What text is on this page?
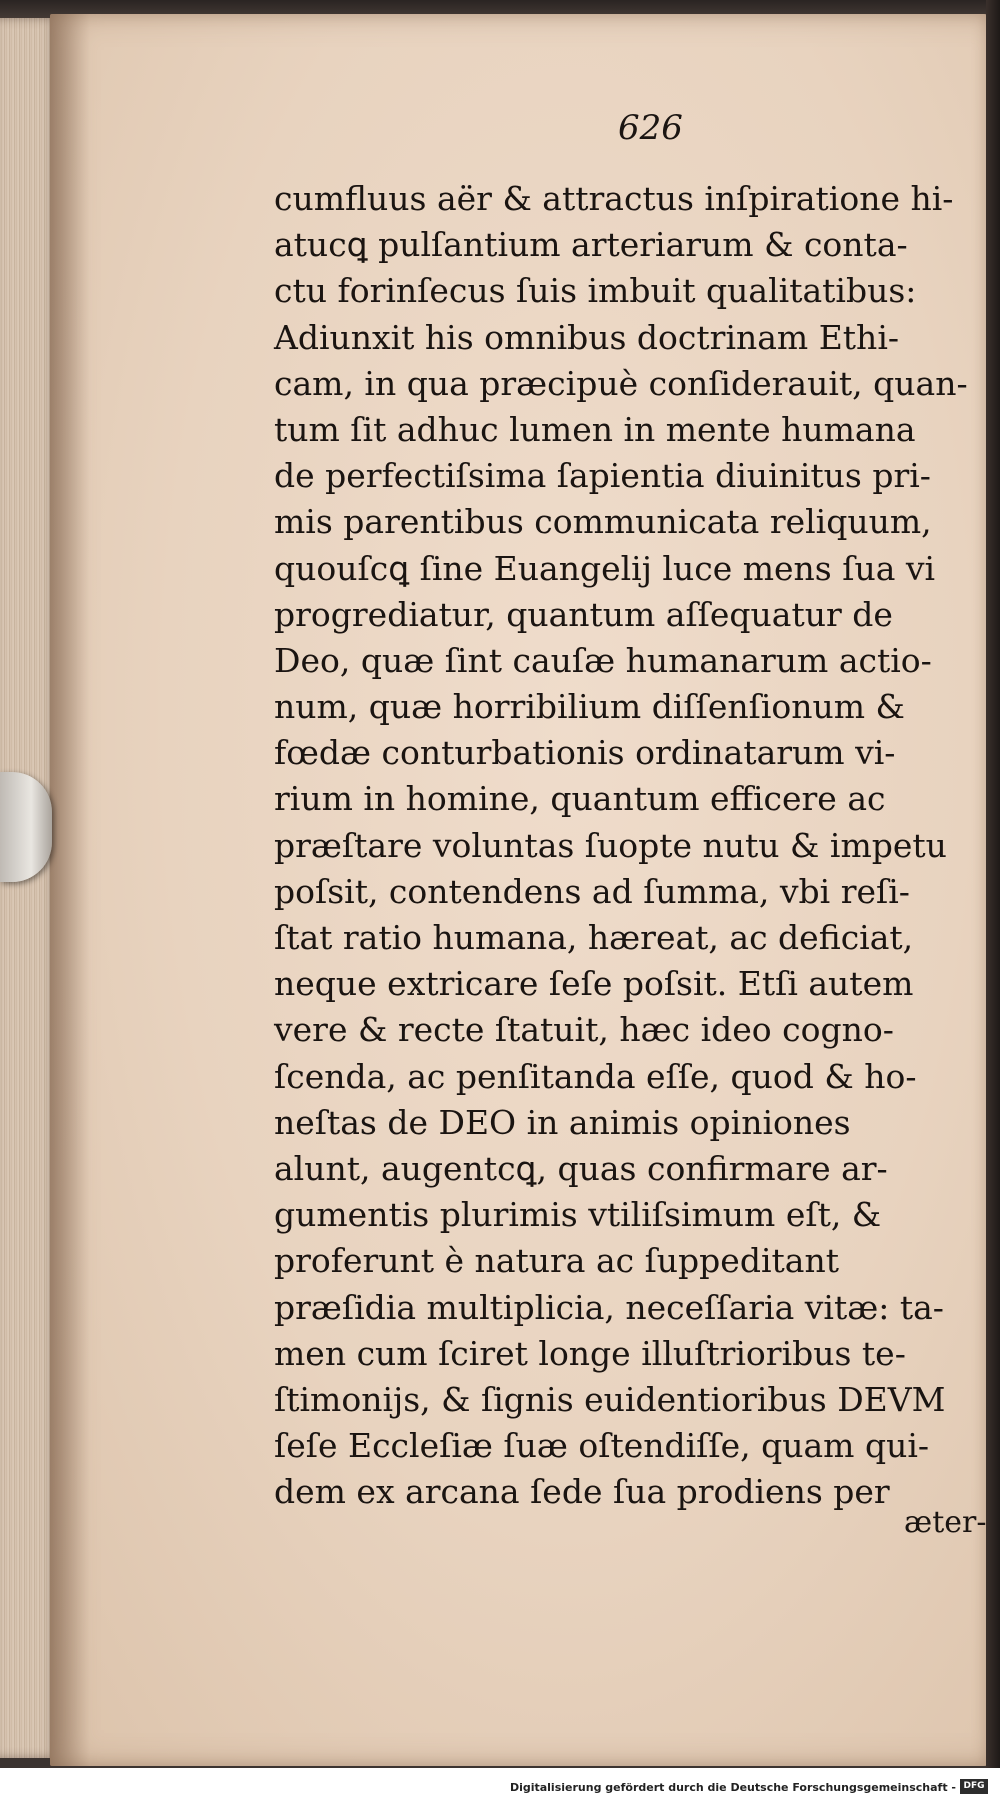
626
cumfluus aër & attractus inſpiratione hi-
atucꝗ pulſantium arteriarum & conta-
ctu forinſecus ſuis imbuit qualitatibus:
Adiunxit his omnibus doctrinam Ethi-
cam, in qua præcipuè conſiderauit, quan-
tum ſit adhuc lumen in mente humana
de perfectiſsima ſapientia diuinitus pri-
mis parentibus communicata reliquum,
quouſcꝗ ſine Euangelij luce mens ſua vi
progrediatur, quantum aſſequatur de
Deo, quæ ſint cauſæ humanarum actio-
num, quæ horribilium diſſenſionum &
fœdæ conturbationis ordinatarum vi-
rium in homine, quantum efficere ac
præſtare voluntas ſuopte nutu & impetu
poſsit, contendens ad ſumma, vbi reſi-
ſtat ratio humana, hæreat, ac deficiat,
neque extricare ſeſe poſsit. Etſi autem
vere & recte ſtatuit, hæc ideo cogno-
ſcenda, ac penſitanda eſſe, quod & ho-
neſtas de DEO in animis opiniones
alunt, augentcꝗ, quas confirmare ar-
gumentis plurimis vtiliſsimum eſt, &
proferunt è natura ac ſuppeditant
præſidia multiplicia, neceſſaria vitæ: ta-
men cum ſciret longe illuſtrioribus te-
ſtimonijs, & ſignis euidentioribus DEVM
ſeſe Eccleſiæ ſuæ oſtendiſſe, quam qui-
dem ex arcana ſede ſua prodiens per
æter-
Digitalisierung gefördert durch die Deutsche Forschungsgemeinschaft - DFG
